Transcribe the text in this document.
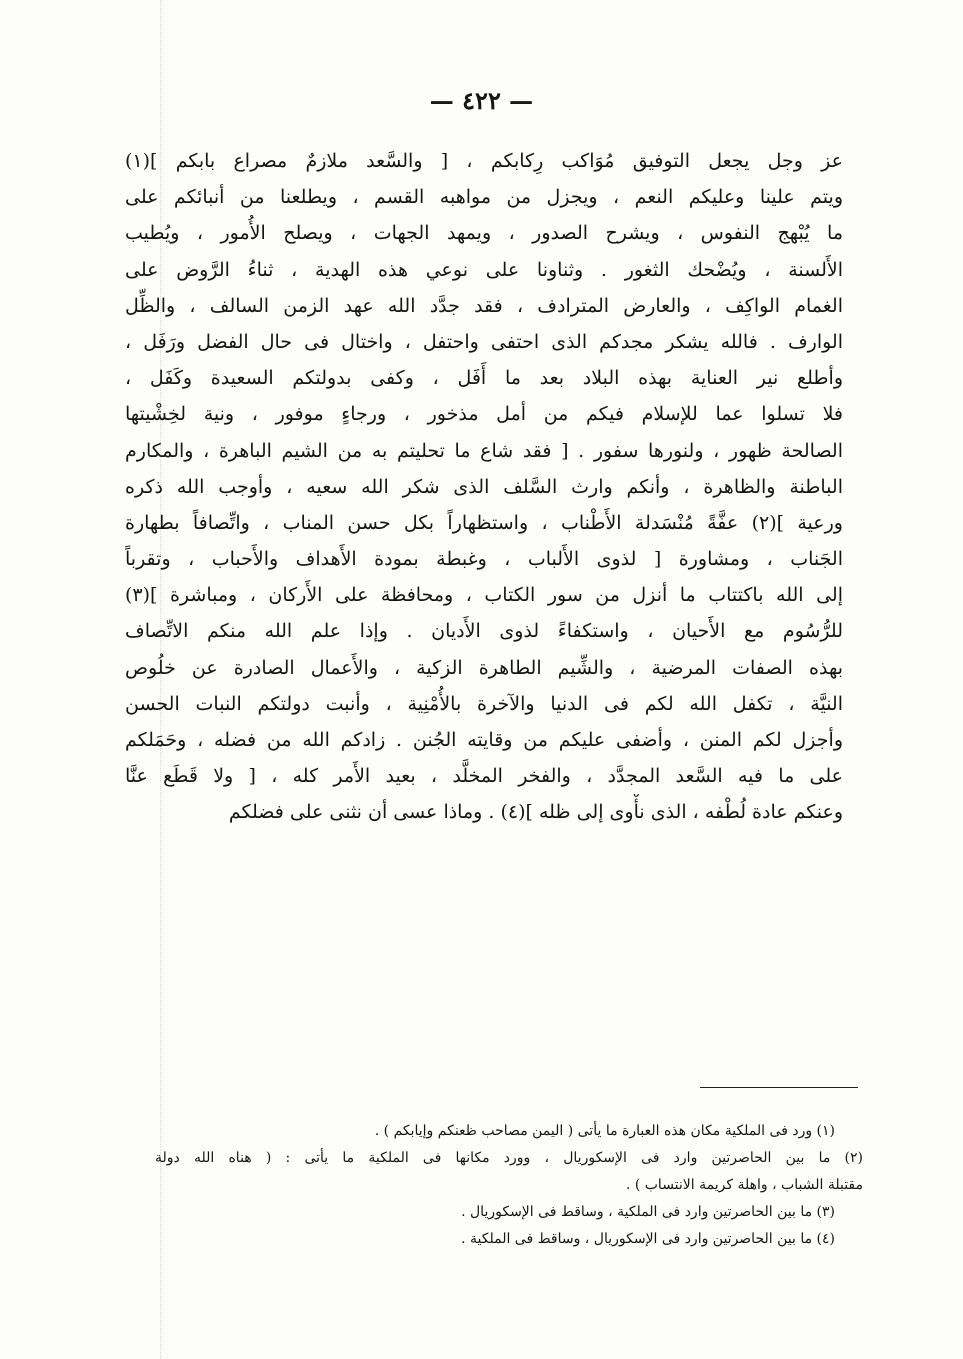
— ٤٢٢ —
عز وجل يجعل التوفيق مُوَاكب رِكابكم ، [ والسَّعد ملازمٌ مصراع بابكم ](١)
ويتم علينا وعليكم النعم ، ويجزل من مواهبه القسم ، ويطلعنا من أنبائكم على
ما يُبْهج النفوس ، ويشرح الصدور ، ويمهد الجهات ، ويصلح الأُمور ، ويُطيب
الأَلسنة ، ويُضْحك الثغور . وثناونا على نوعي هذه الهدية ، ثناءُ الرَّوض على
الغمام الواكِف ، والعارض المترادف ، فقد جدَّد الله عهد الزمن السالف ، والظِّل
الوارف . فالله يشكر مجدكم الذى احتفى واحتفل ، واختال فى حال الفضل ورَفَل ،
وأطلع نير العناية بهذه البلاد بعد ما أَفَل ، وكفى بدولتكم السعيدة وكَفَل ،
فلا تسلوا عما للإسلام فيكم من أمل مذخور ، ورجاءٍ موفور ، ونية لخِشْيتها
الصالحة ظهور ، ولنورها سفور . [ فقد شاع ما تحليتم به من الشيم الباهرة ، والمكارم
الباطنة والظاهرة ، وأنكم وارث السَّلف الذى شكر الله سعيه ، وأوجب الله ذكره
ورعية ](٢) عفَّةً مُنْسَدلة الأَطْناب ، واستظهاراً بكل حسن المناب ، واتِّصافاً بطهارة
الجَناب ، ومشاورة [ لذوى الأَلباب ، وغبطة بمودة الأَهداف والأَحباب ، وتقرباً
إلى الله باكتتاب ما أنزل من سور الكتاب ، ومحافظة على الأَركان ، ومباشرة ](٣)
للرُّسُوم مع الأَحيان ، واستكفاءً لذوى الأَديان . وإذا علم الله منكم الاتِّصاف
بهذه الصفات المرضية ، والشِّيم الطاهرة الزكية ، والأَعمال الصادرة عن خلُوص
النيَّة ، تكفل الله لكم فى الدنيا والآخرة بالأُمْنِية ، وأنبت دولتكم النبات الحسن
وأجزل لكم المنن ، وأضفى عليكم من وقايته الجُنن . زادكم الله من فضله ، وحَمَلكم
على ما فيه السَّعد المجدَّد ، والفخر المخلَّد ، بعيد الأَمر كله ، [ ولا قَطَع عنَّا
وعنكم عادة لُطْفه ، الذى نأْوى إلى ظله ](٤) . وماذا عسى أن نثنى على فضلكم
(١) ورد فى الملكية مكان هذه العبارة ما يأتى ( اليمن مصاحب ظعنكم وإيابكم ) .
(٢) ما بين الحاصرتين وارد فى الإسكوريال ، وورد مكانها فى الملكية ما يأتى : ( هناه الله دولة
مقتبلة الشباب ، واهلة كريمة الانتساب ) .
(٣) ما بين الحاصرتين وارد فى الملكية ، وساقط فى الإسكوريال .
(٤) ما بين الحاصرتين وارد فى الإسكوريال ، وساقط فى الملكية .
